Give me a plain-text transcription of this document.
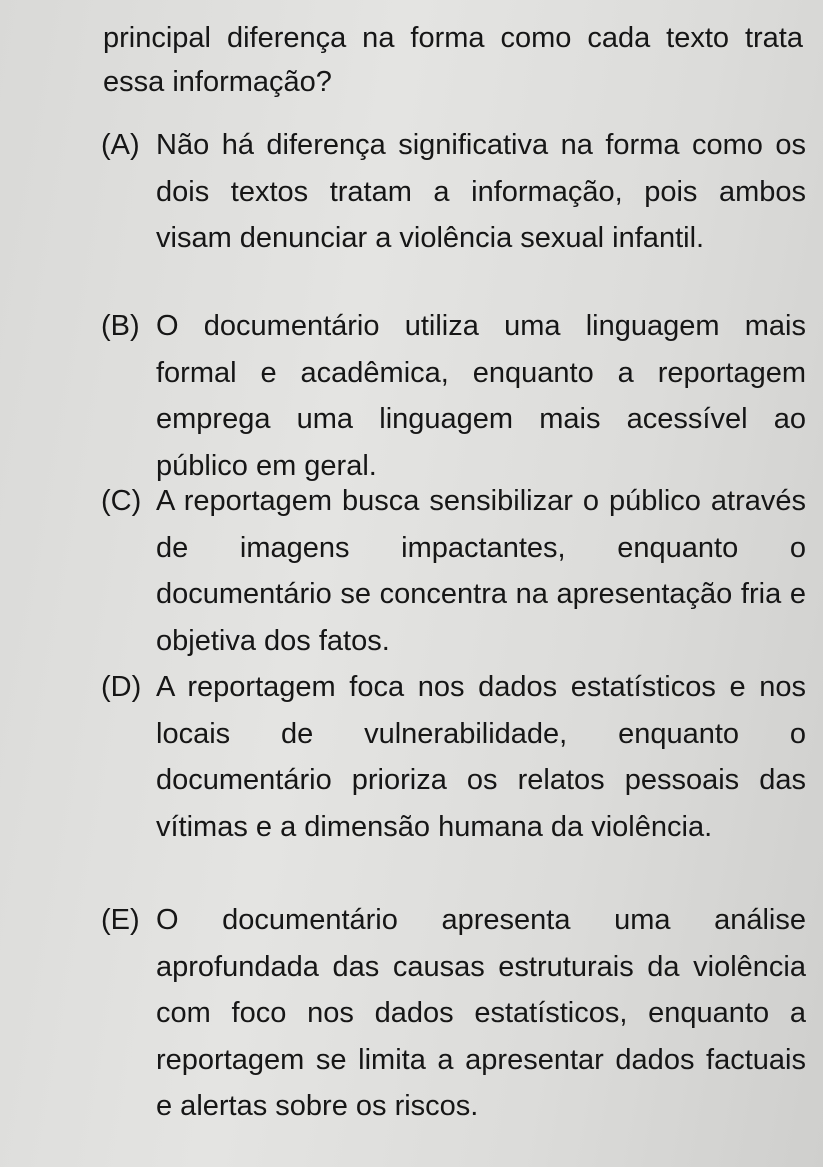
principal diferença na forma como cada texto trata essa informação?

(A) Não há diferença significativa na forma como os dois textos tratam a informação, pois ambos visam denunciar a violência sexual infantil.
(B) O documentário utiliza uma linguagem mais formal e acadêmica, enquanto a reportagem emprega uma linguagem mais acessível ao público em geral.
(C) A reportagem busca sensibilizar o público através de imagens impactantes, enquanto o documentário se concentra na apresentação fria e objetiva dos fatos.
(D) A reportagem foca nos dados estatísticos e nos locais de vulnerabilidade, enquanto o documentário prioriza os relatos pessoais das vítimas e a dimensão humana da violência.
(E) O documentário apresenta uma análise aprofundada das causas estruturais da violência com foco nos dados estatísticos, enquanto a reportagem se limita a apresentar dados factuais e alertas sobre os riscos.
